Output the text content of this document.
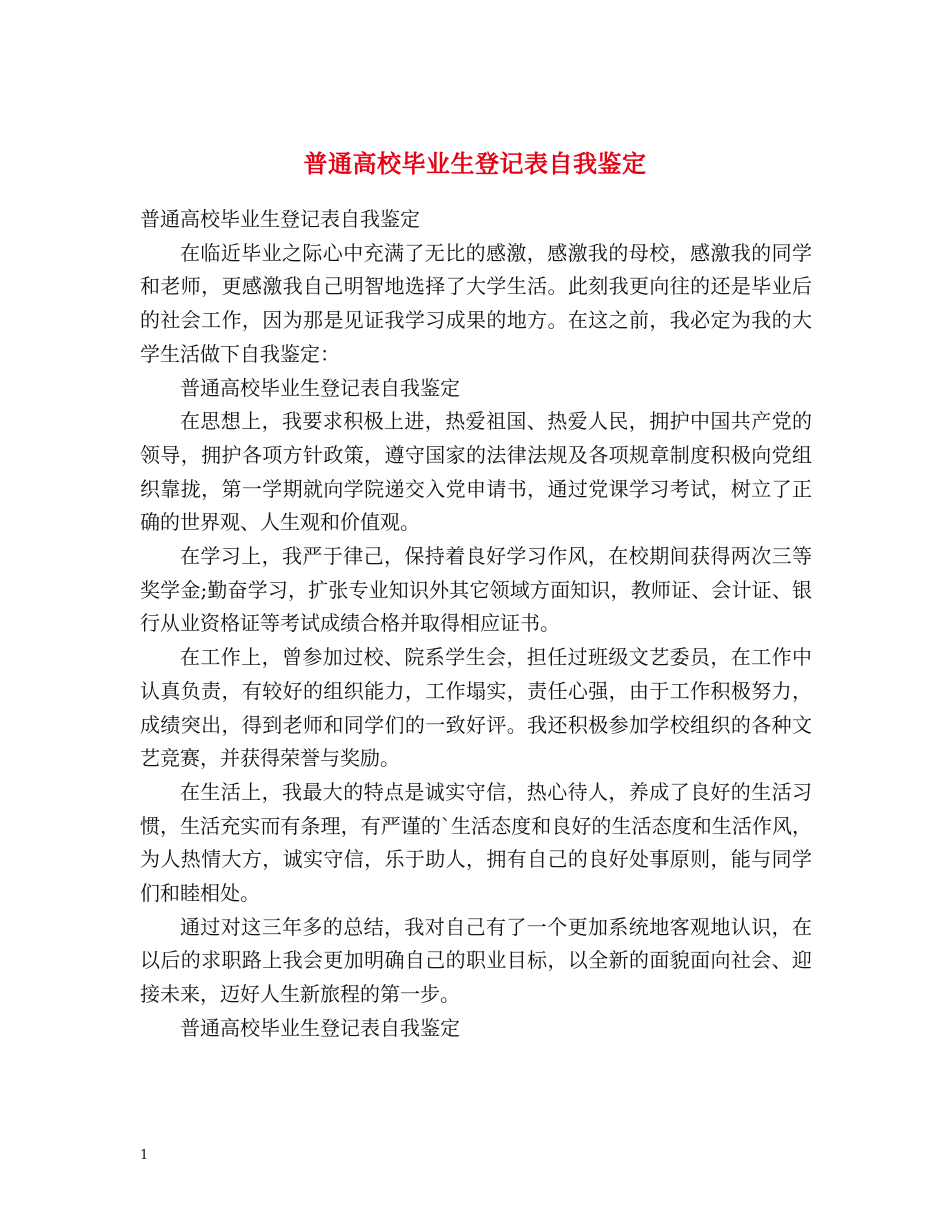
普通高校毕业生登记表自我鉴定

普通高校毕业生登记表自我鉴定

在临近毕业之际心中充满了无比的感激，感激我的母校，感激我的同学和老师，更感激我自己明智地选择了大学生活。此刻我更向往的还是毕业后的社会工作，因为那是见证我学习成果的地方。在这之前，我必定为我的大学生活做下自我鉴定：

普通高校毕业生登记表自我鉴定

在思想上，我要求积极上进，热爱祖国、热爱人民，拥护中国共产党的领导，拥护各项方针政策，遵守国家的法律法规及各项规章制度积极向党组织靠拢，第一学期就向学院递交入党申请书，通过党课学习考试，树立了正确的世界观、人生观和价值观。

在学习上，我严于律己，保持着良好学习作风，在校期间获得两次三等奖学金;勤奋学习，扩张专业知识外其它领域方面知识，教师证、会计证、银行从业资格证等考试成绩合格并取得相应证书。

在工作上，曾参加过校、院系学生会，担任过班级文艺委员，在工作中认真负责，有较好的组织能力，工作塌实，责任心强，由于工作积极努力，成绩突出，得到老师和同学们的一致好评。我还积极参加学校组织的各种文艺竞赛，并获得荣誉与奖励。

在生活上，我最大的特点是诚实守信，热心待人，养成了良好的生活习惯，生活充实而有条理，有严谨的`生活态度和良好的生活态度和生活作风，为人热情大方，诚实守信，乐于助人，拥有自己的良好处事原则，能与同学们和睦相处。

通过对这三年多的总结，我对自己有了一个更加系统地客观地认识，在以后的求职路上我会更加明确自己的职业目标，以全新的面貌面向社会、迎接未来，迈好人生新旅程的第一步。

普通高校毕业生登记表自我鉴定

1
